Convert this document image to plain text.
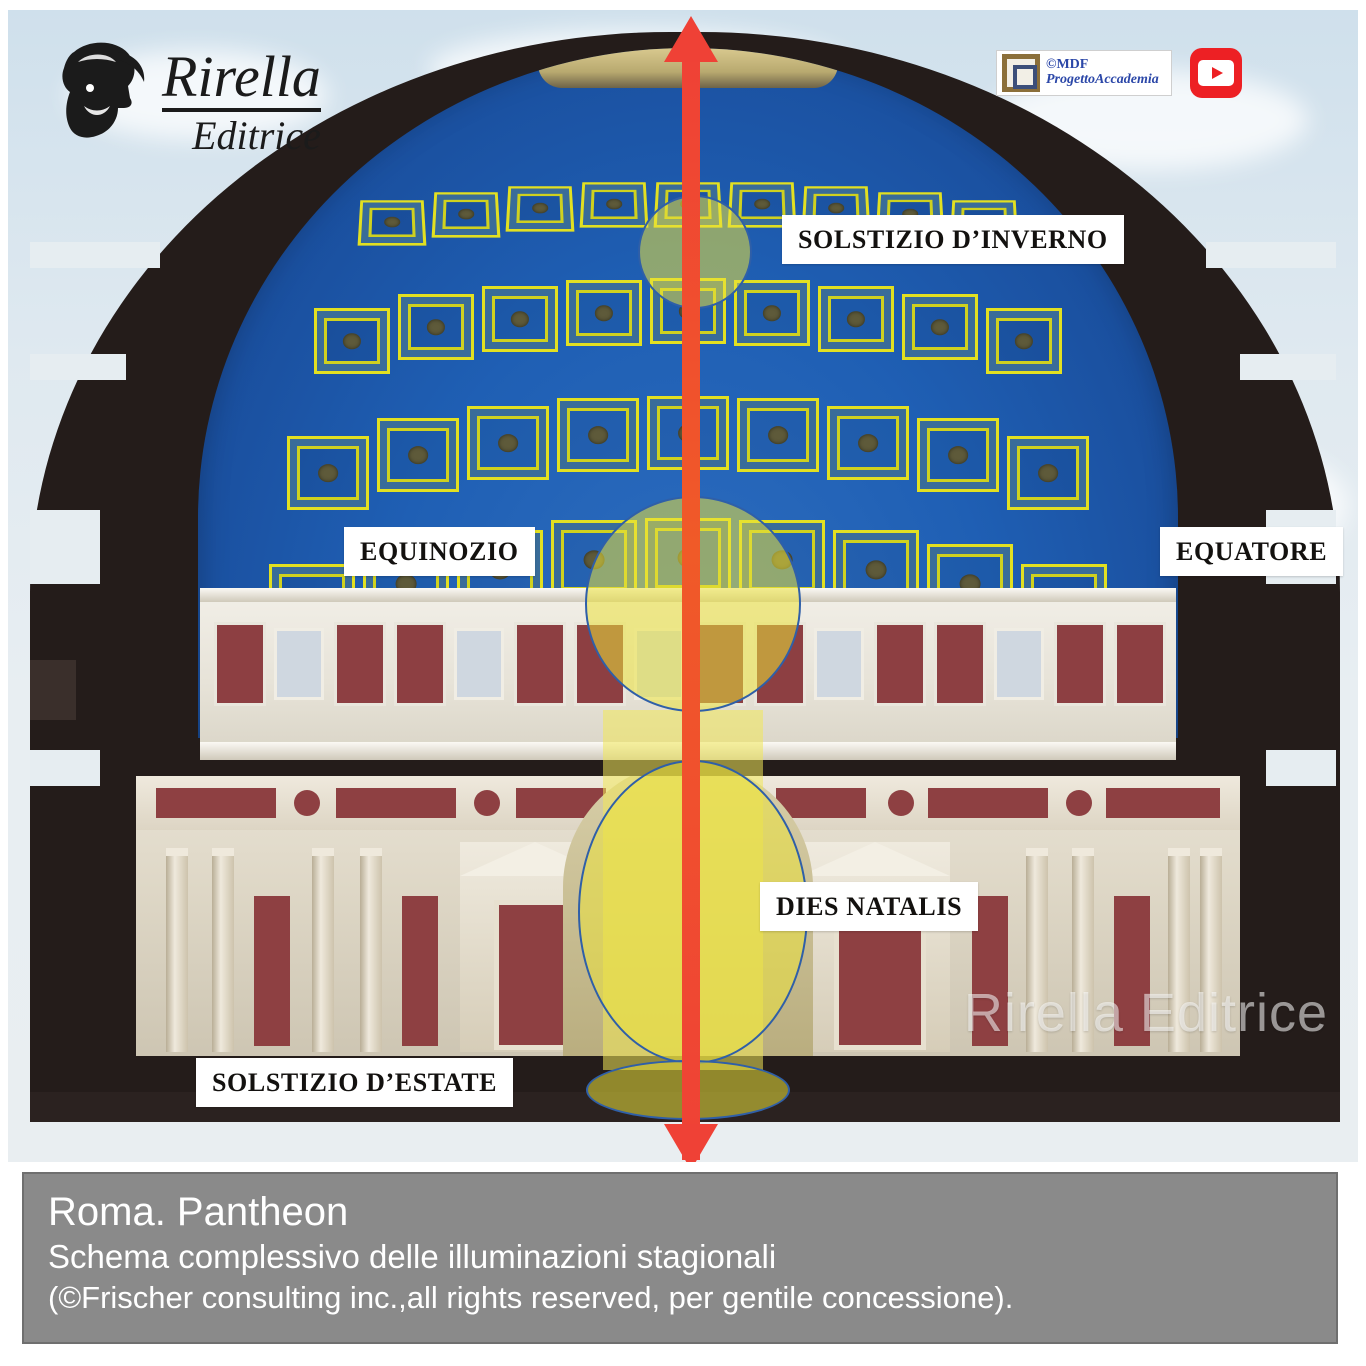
Rirella Editrice
SOLSTIZIO D’INVERNO
EQUINOZIO	EQUATORE
DIES NATALIS
SOLSTIZIO D’ESTATE
Rirella
Editrice
©MDF
ProgettoAccademia
Roma. Pantheon
Schema complessivo delle illuminazioni stagionali
(©Frischer consulting inc.,all rights reserved, per gentile concessione).
